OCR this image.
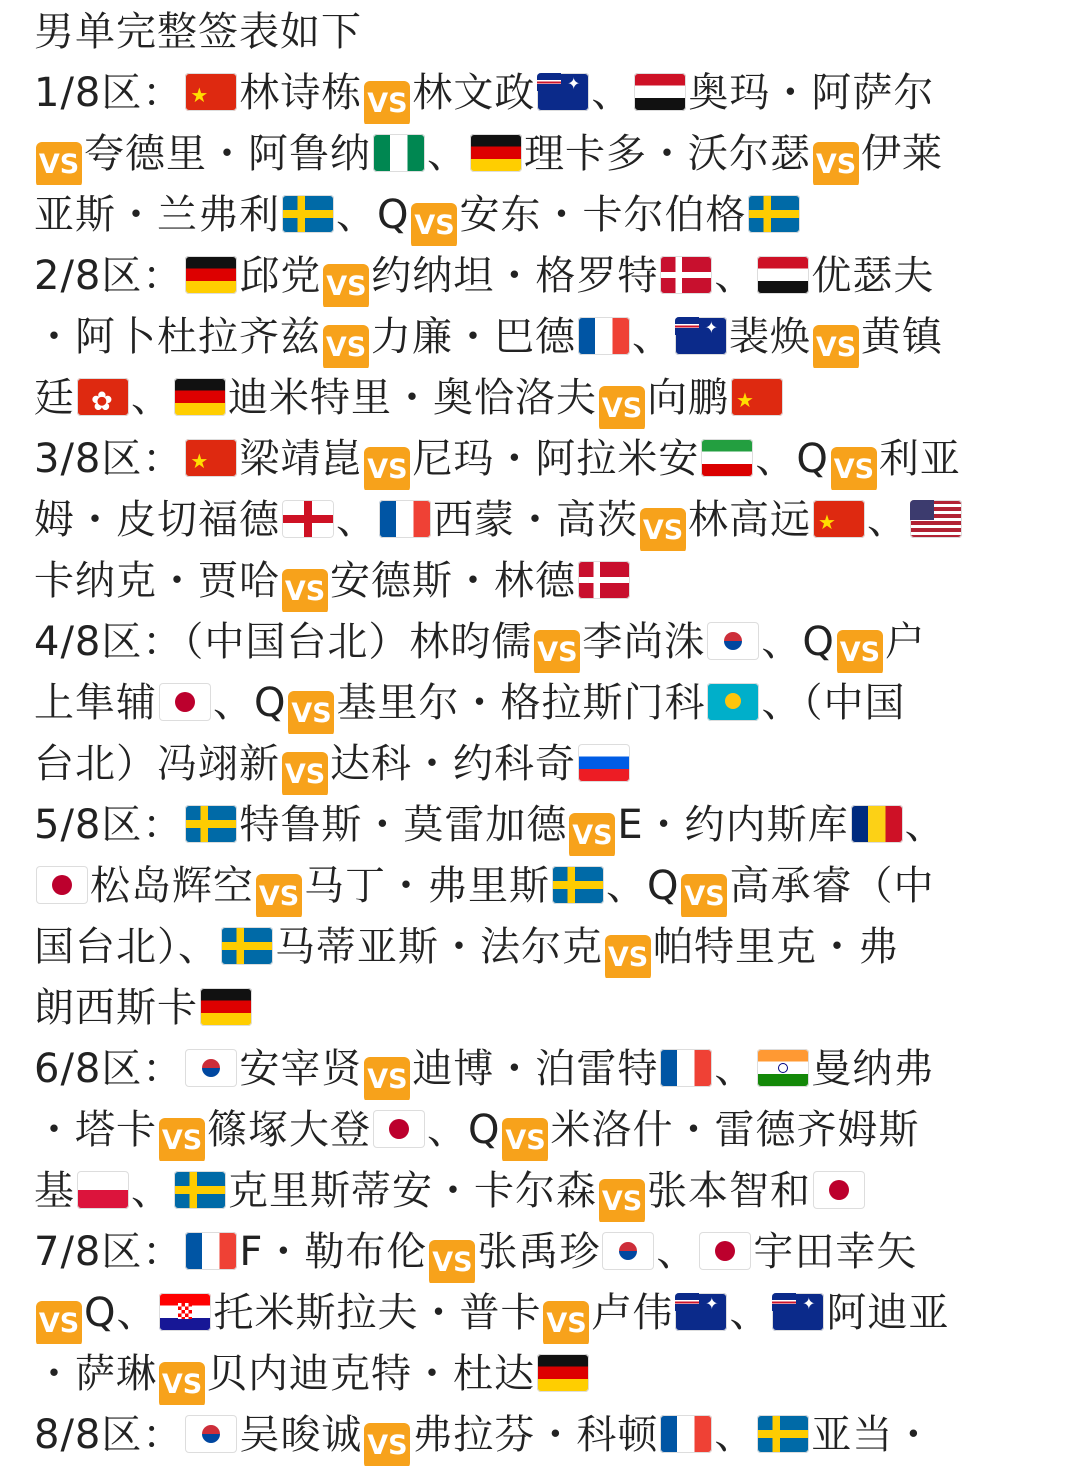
男单完整签表如下
1/8区： ★ 林诗栋 VS 林文政 ✦ 、 奥玛・阿萨尔
VS 夸德里・阿鲁纳 、 理卡多・沃尔瑟 VS 伊莱
亚斯・兰弗利 、Q VS 安东・卡尔伯格
2/8区： 邱党 VS 约纳坦・格罗特 、 优瑟夫
・阿卜杜拉齐兹 VS 力廉・巴德 、 ✦ 裴焕 VS 黄镇
廷 ✿ 、 迪米特里・奥恰洛夫 VS 向鹏★
3/8区： ★ 梁靖崑 VS 尼玛・阿拉米安 、Q VS 利亚
姆・皮切福德 、 西蒙・高茨 VS 林高远 ★ 、
卡纳克・贾哈 VS 安德斯・林德
4/8区：（中国台北）林昀儒 VS 李尚洙 、Q VS 户
上隼辅 、Q VS 基里尔・格拉斯门科 、（中国
台北）冯翊新 VS 达科・约科奇
5/8区： 特鲁斯・莫雷加德 VS E・约内斯库 、
松岛辉空 VS 马丁・弗里斯 、Q VS 高承睿（中
国台北）、 马蒂亚斯・法尔克 VS 帕特里克・弗
朗西斯卡
6/8区： 安宰贤 VS 迪博・泊雷特 、 曼纳弗
・塔卡 VS 篠塚大登 、Q VS 米洛什・雷德齐姆斯
基 、 克里斯蒂安・卡尔森 VS 张本智和
7/8区： F・勒布伦 VS 张禹珍 、 宇田幸矢
VS Q、 托米斯拉夫・普卡 VS 卢伟 ✦ 、 ✦ 阿迪亚
・萨琳 VS 贝内迪克特・杜达
8/8区： 吴晙诚 VS 弗拉芬・科顿 、 亚当・
